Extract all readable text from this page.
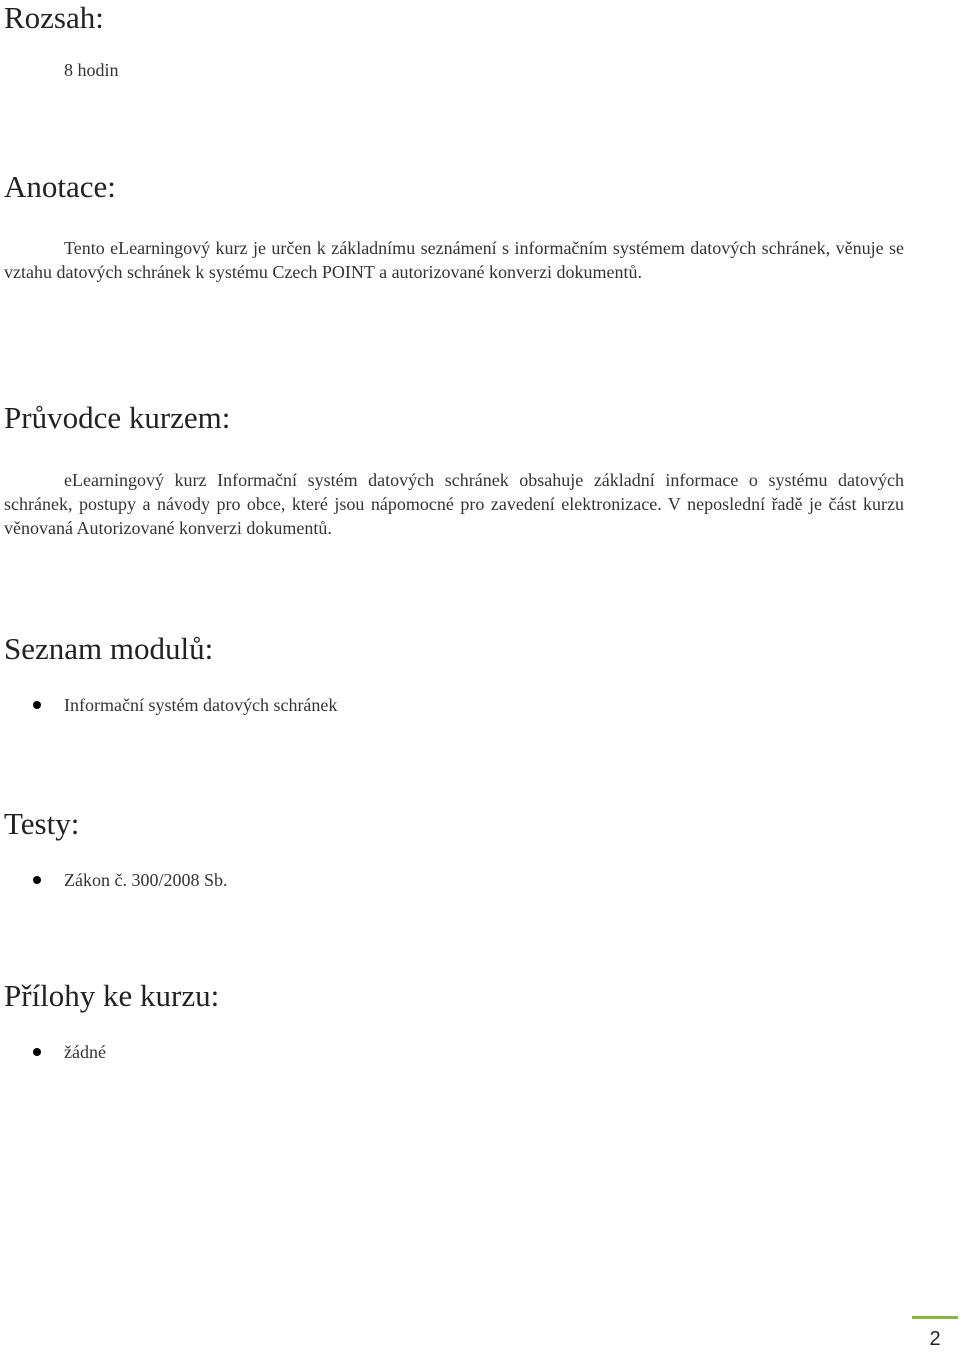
Rozsah:

8 hodin

Anotace:

Tento eLearningový kurz je určen k základnímu seznámení s informačním systémem datových schránek, věnuje se vztahu datových schránek k systému Czech POINT a autorizované konverzi dokumentů.

Průvodce kurzem:

eLearningový kurz Informační systém datových schránek obsahuje základní informace o systému datových schránek, postupy a návody pro obce, které jsou nápomocné pro zavedení elektronizace. V neposlední řadě je část kurzu věnovaná Autorizované konverzi dokumentů.

Seznam modulů:
Informační systém datových schránek
Testy:
Zákon č. 300/2008 Sb.
Přílohy ke kurzu:
žádné
2
